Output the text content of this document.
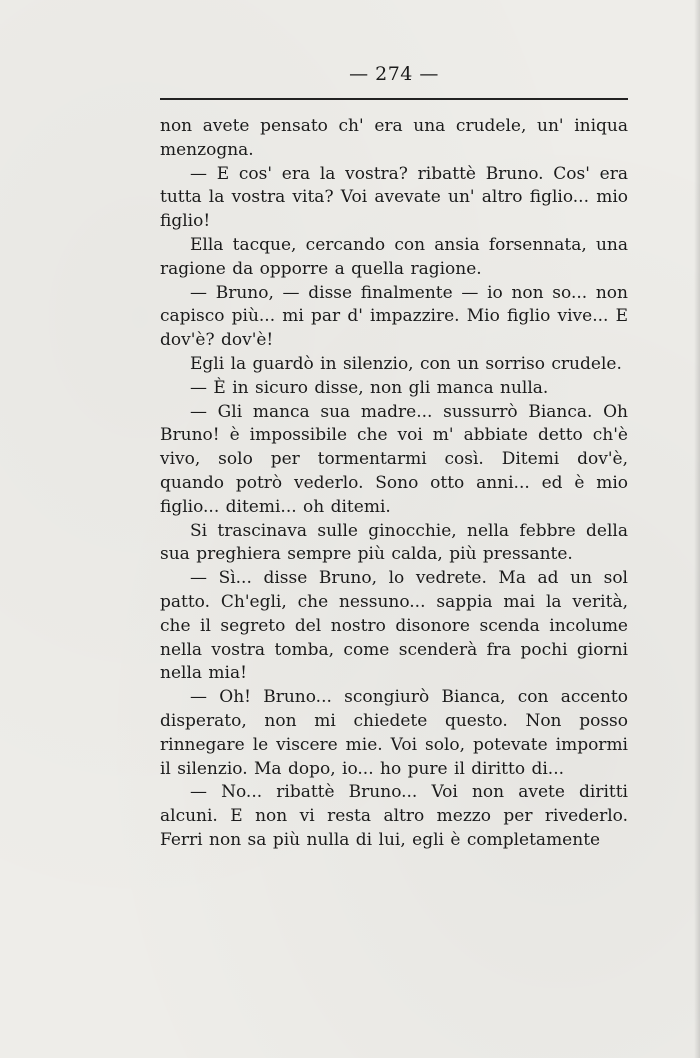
— 274 —

non avete pensato ch' era una crudele, un' iniqua menzogna.

— E cos' era la vostra? ribattè Bruno. Cos' era tutta la vostra vita? Voi avevate un' altro figlio... mio figlio!

Ella tacque, cercando con ansia forsennata, una ragione da opporre a quella ragione.

— Bruno, — disse finalmente — io non so... non capisco più... mi par d' impazzire. Mio figlio vive... E dov'è? dov'è!

Egli la guardò in silenzio, con un sorriso crudele.

— È in sicuro disse, non gli manca nulla.

— Gli manca sua madre... sussurrò Bianca. Oh Bruno! è impossibile che voi m' abbiate detto ch'è vivo, solo per tormentarmi così. Ditemi dov'è, quando potrò vederlo. Sono otto anni... ed è mio figlio... ditemi... oh ditemi.

Si trascinava sulle ginocchie, nella febbre della sua preghiera sempre più calda, più pressante.

— Sì... disse Bruno, lo vedrete. Ma ad un sol patto. Ch'egli, che nessuno... sappia mai la verità, che il segreto del nostro disonore scenda incolume nella vostra tomba, come scenderà fra pochi giorni nella mia!

— Oh! Bruno... scongiurò Bianca, con accento disperato, non mi chiedete questo. Non posso rinnegare le viscere mie. Voi solo, potevate impormi il silenzio. Ma dopo, io... ho pure il diritto di...

— No... ribattè Bruno... Voi non avete diritti alcuni. E non vi resta altro mezzo per rivederlo. Ferri non sa più nulla di lui, egli è completamente
